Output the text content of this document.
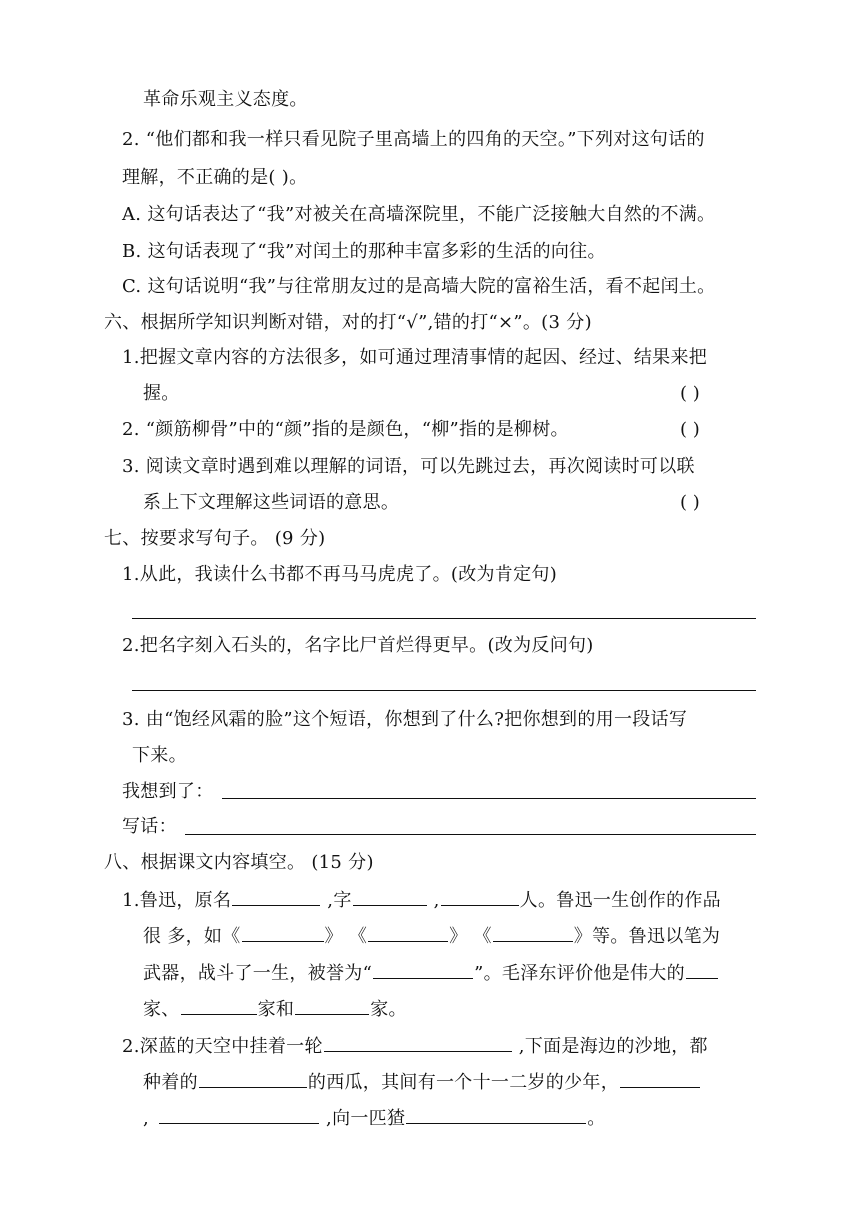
革命乐观主义态度。
2. “他们都和我一样只看见院子里高墙上的四角的天空。”下列对这句话的
理解，不正确的是( )。
A. 这句话表达了“我”对被关在高墙深院里，不能广泛接触大自然的不满。
B. 这句话表现了“我”对闰土的那种丰富多彩的生活的向往。
C. 这句话说明“我”与往常朋友过的是高墙大院的富裕生活，看不起闰土。
六、根据所学知识判断对错，对的打“√”,错的打“×”。(3 分)
1.把握文章内容的方法很多，如可通过理清事情的起因、经过、结果来把
握。	( )
2. “颜筋柳骨”中的“颜”指的是颜色，“柳”指的是柳树。	( )
3. 阅读文章时遇到难以理解的词语，可以先跳过去，再次阅读时可以联
系上下文理解这些词语的意思。	( )
七、按要求写句子。 (9 分)
1.从此，我读什么书都不再马马虎虎了。(改为肯定句)
2.把名字刻入石头的，名字比尸首烂得更早。(改为反问句)
3. 由“饱经风霜的脸”这个短语，你想到了什么?把你想到的用一段话写
下来。
我想到了：
写话：
八、根据课文内容填空。 (15 分)
1.鲁迅，原名	,字	,	人。鲁迅一生创作的作品
很 多，如《	》 《	》 《	》等。鲁迅以笔为
武器，战斗了一生，被誉为“	”。毛泽东评价他是伟大的
家、	家和	家。
2.深蓝的天空中挂着一轮	,下面是海边的沙地，都
种着的	的西瓜，其间有一个十一二岁的少年，
,	,向一匹猹	。
